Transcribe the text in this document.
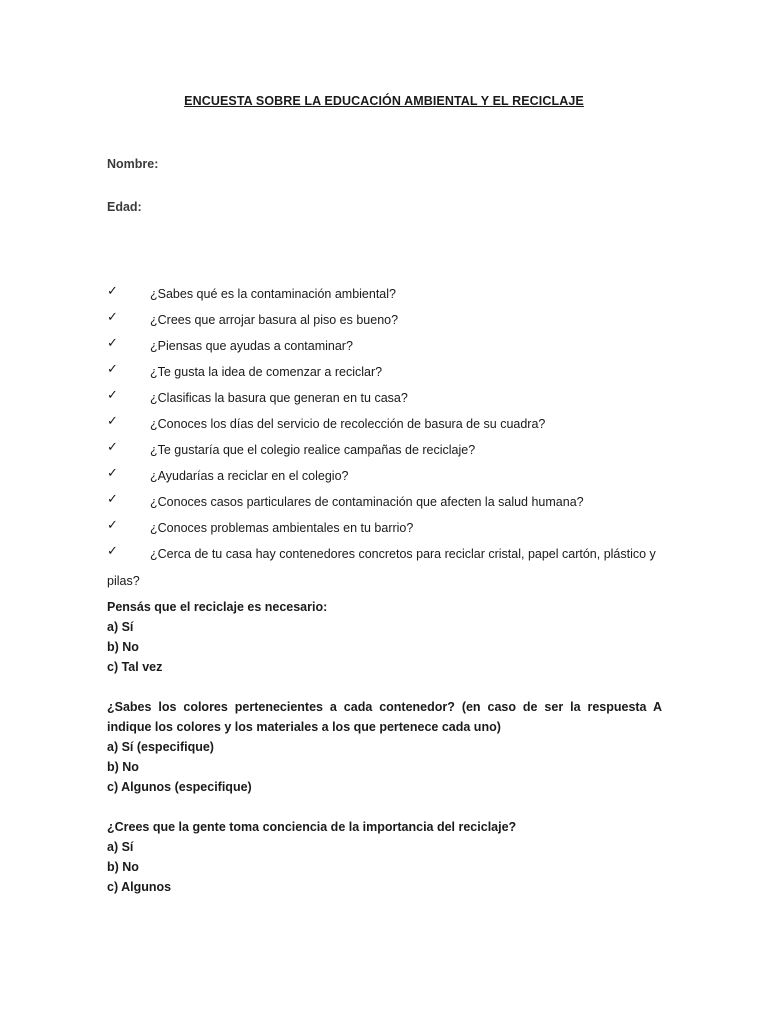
ENCUESTA SOBRE LA EDUCACIÓN AMBIENTAL Y EL RECICLAJE
Nombre:
Edad:
✓	¿Sabes qué es la contaminación ambiental?
✓	¿Crees que arrojar basura al piso es bueno?
✓	¿Piensas que ayudas a contaminar?
✓	¿Te gusta la idea de comenzar a reciclar?
✓	¿Clasificas la basura que generan en tu casa?
✓	¿Conoces los días del servicio de recolección de basura de su cuadra?
✓	¿Te gustaría que el colegio realice campañas de reciclaje?
✓	¿Ayudarías a reciclar en el colegio?
✓	¿Conoces casos particulares de contaminación que afecten la salud humana?
✓	¿Conoces problemas ambientales en tu barrio?
✓	¿Cerca de tu casa hay contenedores concretos para reciclar cristal, papel cartón, plástico y
pilas?
Pensás que el reciclaje es necesario:
a) Sí
b) No
c) Tal vez
¿Sabes los colores pertenecientes a cada contenedor? (en caso de ser la respuesta A indique los colores y los materiales a los que pertenece cada uno)
a) Sí (especifique)
b) No
c) Algunos (especifique)
¿Crees que la gente toma conciencia de la importancia del reciclaje?
a) Sí
b) No
c) Algunos
